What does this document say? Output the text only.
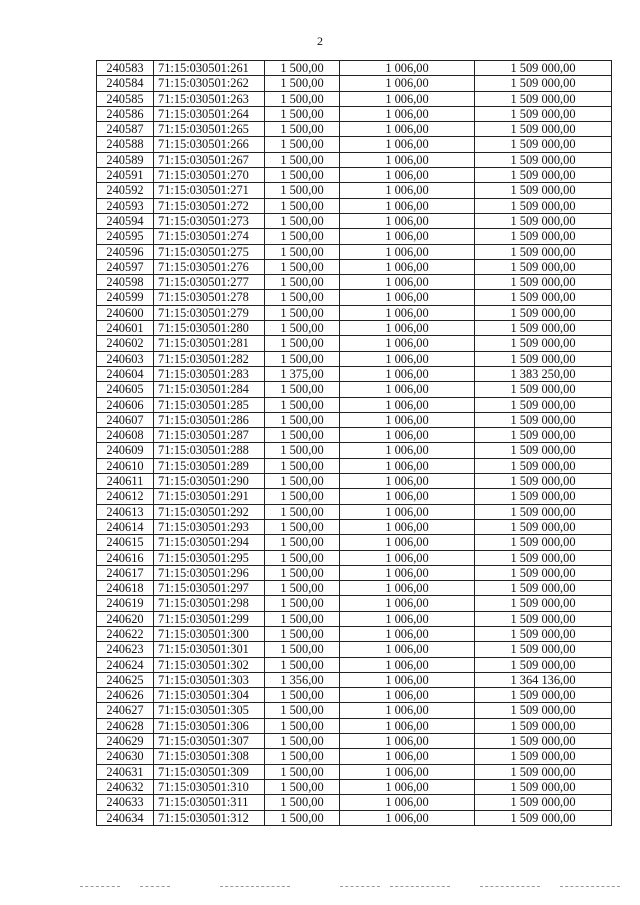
2
240583	71:15:030501:261	1 500,00	1 006,00	1 509 000,00
240584	71:15:030501:262	1 500,00	1 006,00	1 509 000,00
240585	71:15:030501:263	1 500,00	1 006,00	1 509 000,00
240586	71:15:030501:264	1 500,00	1 006,00	1 509 000,00
240587	71:15:030501:265	1 500,00	1 006,00	1 509 000,00
240588	71:15:030501:266	1 500,00	1 006,00	1 509 000,00
240589	71:15:030501:267	1 500,00	1 006,00	1 509 000,00
240591	71:15:030501:270	1 500,00	1 006,00	1 509 000,00
240592	71:15:030501:271	1 500,00	1 006,00	1 509 000,00
240593	71:15:030501:272	1 500,00	1 006,00	1 509 000,00
240594	71:15:030501:273	1 500,00	1 006,00	1 509 000,00
240595	71:15:030501:274	1 500,00	1 006,00	1 509 000,00
240596	71:15:030501:275	1 500,00	1 006,00	1 509 000,00
240597	71:15:030501:276	1 500,00	1 006,00	1 509 000,00
240598	71:15:030501:277	1 500,00	1 006,00	1 509 000,00
240599	71:15:030501:278	1 500,00	1 006,00	1 509 000,00
240600	71:15:030501:279	1 500,00	1 006,00	1 509 000,00
240601	71:15:030501:280	1 500,00	1 006,00	1 509 000,00
240602	71:15:030501:281	1 500,00	1 006,00	1 509 000,00
240603	71:15:030501:282	1 500,00	1 006,00	1 509 000,00
240604	71:15:030501:283	1 375,00	1 006,00	1 383 250,00
240605	71:15:030501:284	1 500,00	1 006,00	1 509 000,00
240606	71:15:030501:285	1 500,00	1 006,00	1 509 000,00
240607	71:15:030501:286	1 500,00	1 006,00	1 509 000,00
240608	71:15:030501:287	1 500,00	1 006,00	1 509 000,00
240609	71:15:030501:288	1 500,00	1 006,00	1 509 000,00
240610	71:15:030501:289	1 500,00	1 006,00	1 509 000,00
240611	71:15:030501:290	1 500,00	1 006,00	1 509 000,00
240612	71:15:030501:291	1 500,00	1 006,00	1 509 000,00
240613	71:15:030501:292	1 500,00	1 006,00	1 509 000,00
240614	71:15:030501:293	1 500,00	1 006,00	1 509 000,00
240615	71:15:030501:294	1 500,00	1 006,00	1 509 000,00
240616	71:15:030501:295	1 500,00	1 006,00	1 509 000,00
240617	71:15:030501:296	1 500,00	1 006,00	1 509 000,00
240618	71:15:030501:297	1 500,00	1 006,00	1 509 000,00
240619	71:15:030501:298	1 500,00	1 006,00	1 509 000,00
240620	71:15:030501:299	1 500,00	1 006,00	1 509 000,00
240622	71:15:030501:300	1 500,00	1 006,00	1 509 000,00
240623	71:15:030501:301	1 500,00	1 006,00	1 509 000,00
240624	71:15:030501:302	1 500,00	1 006,00	1 509 000,00
240625	71:15:030501:303	1 356,00	1 006,00	1 364 136,00
240626	71:15:030501:304	1 500,00	1 006,00	1 509 000,00
240627	71:15:030501:305	1 500,00	1 006,00	1 509 000,00
240628	71:15:030501:306	1 500,00	1 006,00	1 509 000,00
240629	71:15:030501:307	1 500,00	1 006,00	1 509 000,00
240630	71:15:030501:308	1 500,00	1 006,00	1 509 000,00
240631	71:15:030501:309	1 500,00	1 006,00	1 509 000,00
240632	71:15:030501:310	1 500,00	1 006,00	1 509 000,00
240633	71:15:030501:311	1 500,00	1 006,00	1 509 000,00
240634	71:15:030501:312	1 500,00	1 006,00	1 509 000,00
